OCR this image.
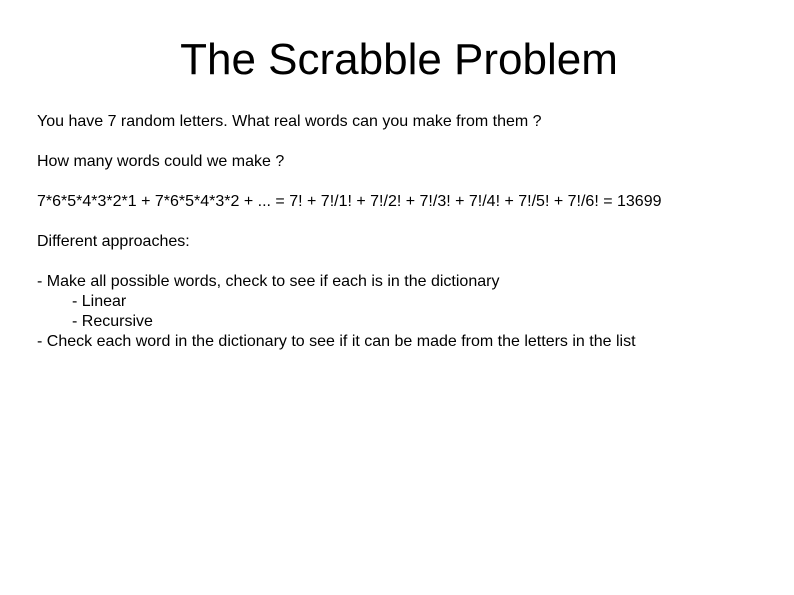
The Scrabble Problem
You have 7 random letters. What real words can you make from them ?
How many words could we make ?
7*6*5*4*3*2*1 + 7*6*5*4*3*2 + ... = 7! + 7!/1! + 7!/2! + 7!/3! + 7!/4! + 7!/5! + 7!/6! = 13699
Different approaches:
- Make all possible words, check to see if each is in the dictionary
- Linear
- Recursive
- Check each word in the dictionary to see if it can be made from the letters in the list
